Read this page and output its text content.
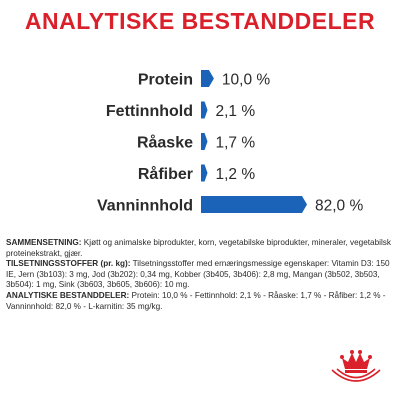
ANALYTISKE BESTANDDELER
Protein 10,0 %
Fettinnhold 2,1 %
Råaske 1,7 %
Råfiber 1,2 %
Vanninnhold	82,0 %

SAMMENSETNING: Kjøtt og animalske biprodukter, korn, vegetabilske biprodukter, mineraler, vegetabilsk proteinekstrakt, gjær.

TILSETNINGSSTOFFER (pr. kg): Tilsetningsstoffer med ernæringsmessige egenskaper: Vitamin D3: 150 IE, Jern (3b103): 3 mg, Jod (3b202): 0,34 mg, Kobber (3b405, 3b406): 2,8 mg, Mangan (3b502, 3b503, 3b504): 1 mg, Sink (3b603, 3b605, 3b606): 10 mg.

ANALYTISKE BESTANDDELER: Protein: 10,0 % - Fettinnhold: 2,1 % - Råaske: 1,7 % - Råfiber: 1,2 % - Vanninnhold: 82,0 % - L-karnitin: 35 mg/kg.
